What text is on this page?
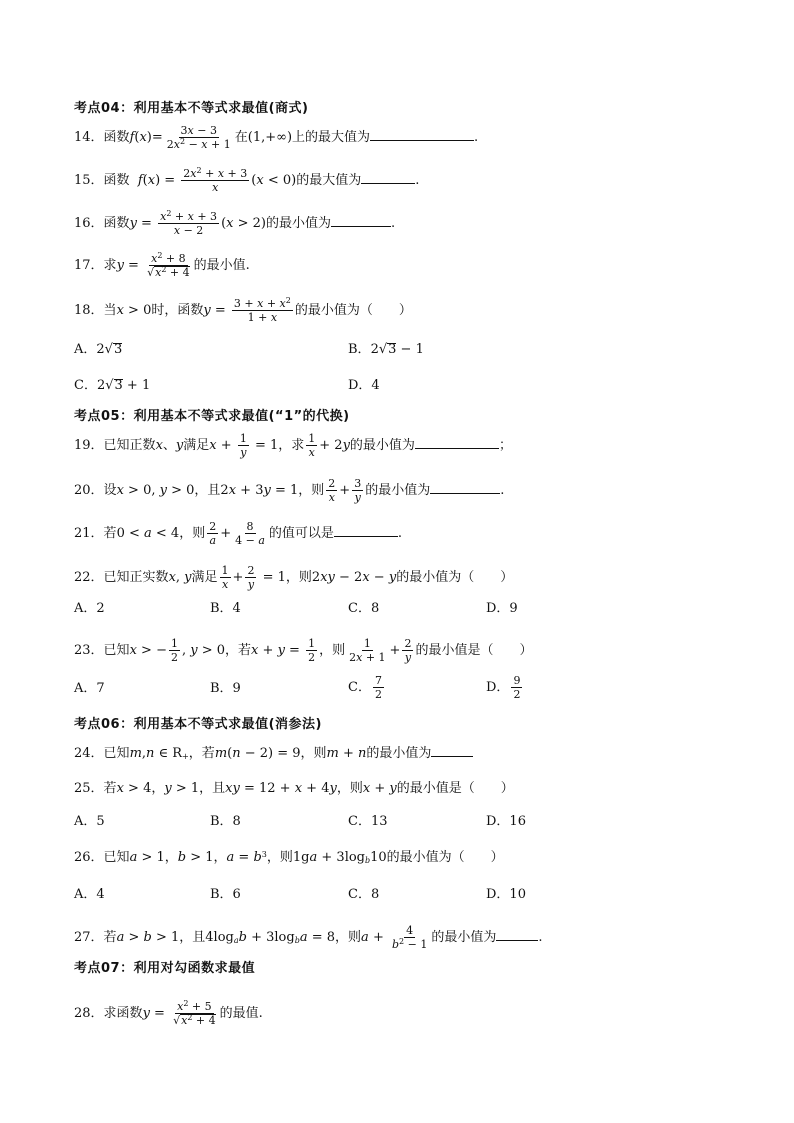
考点04：利用基本不等式求最值(商式)
14．函数$f(x)= \frac{3x - 3}{2x^2 - x + 1}$ 在(1,+∞)上的最大值为	.
15．函数 $f(x) = \frac{2x^2 + x + 3}{x} (x < 0)$的最大值为	.
16．函数$y = \frac{x^2 + x + 3}{x - 2} (x > 2)$的最小值为	.
17．求$y = \frac{x^2 + 8}{√x^2 + 4}$ 的最小值.
18．当x > 0时，函数$y = \frac{3 + x + x^2}{1 + x}$ 的最小值为（　　）
A．2√3	B．2√3 − 1
C．2√3 + 1	D．4
考点05：利用基本不等式求最值(“1”的代换)
19．已知正数x、y满足$x + \frac{1}{y} = 1$，求 $\frac{1}{x} + 2y$的最小值为	；
20．设x > 0, y > 0，且2x + 3y = 1，则 $\frac{2}{x} + \frac{3}{y}$ 的最小值为	.
21．若0 < a < 4，则 $\frac{2}{a} + \frac{8}{4 - a}$ 的值可以是	.
22．已知正实数x, y满足 $\frac{1}{x} + \frac{2}{y} = 1$，则2xy − 2x − y的最小值为（　　）
A．2	B．4	C．8	D．9
23．已知x > − $\frac{1}{2}$ , y > 0，若$x + y = \frac{1}{2}$ ，则 $\frac{1}{2x + 1} + \frac{2}{y}$ 的最小值是（　　）
A．7	B．9	C． $\frac{7}{2}$	D． $\frac{9}{2}$
考点06：利用基本不等式求最值(消参法)
24．已知m,n ∈ $R_+$，若m(n − 2) = 9，则m + n的最小值为
25．若x > 4，y > 1，且xy = 12 + x + 4y，则x + y的最小值是（　　）
A．5	B．8	C．13	D．16
26．已知a > 1，b > 1，$a = b^3$，则$1ga + 3\log_b10$的最小值为（　　）
A．4	B．6	C．8	D．10
27．若a > b > 1，且$4\log_ab + 3\log_ba = 8$，则$a + \frac{4}{b^2 - 1}$ 的最小值为	.
考点07：利用对勾函数求最值
28．求函数$y = \frac{x^2 + 5}{√x^2 + 4}$ 的最值.
